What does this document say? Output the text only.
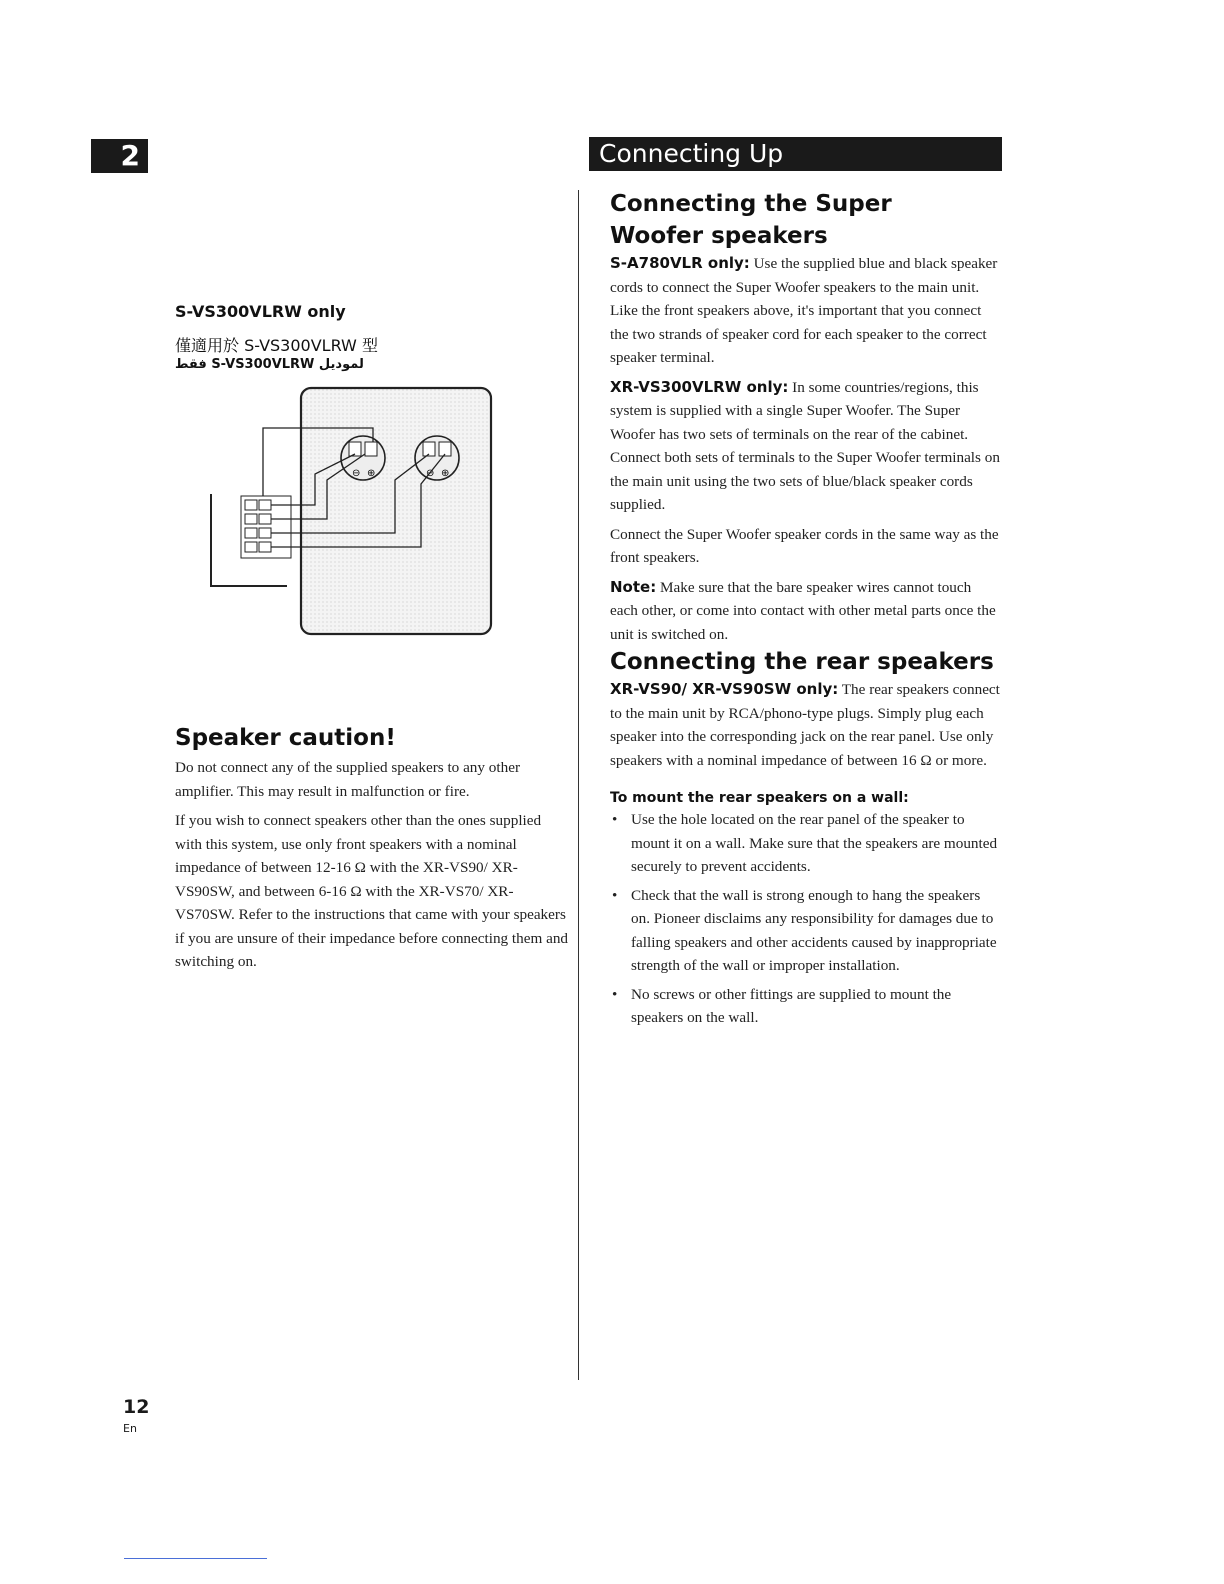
2	Connecting Up
S-VS300VLRW only
僅適用於 S-VS300VLRW 型
فقط S-VS300VLRW لموديل
⊖ ⊕	⊖ ⊕
Speaker caution!

Do not connect any of the supplied speakers to any other amplifier. This may result in malfunction or fire.

If you wish to connect speakers other than the ones supplied with this system, use only front speakers with a nominal impedance of between 12-16 Ω with the XR-VS90/ XR-VS90SW, and between 6-16 Ω with the XR-VS70/ XR-VS70SW. Refer to the instructions that came with your speakers if you are unsure of their impedance before connecting them and switching on.

Connecting the Super Woofer speakers

S-A780VLR only: Use the supplied blue and black speaker cords to connect the Super Woofer speakers to the main unit. Like the front speakers above, it's important that you connect the two strands of speaker cord for each speaker to the correct speaker terminal.

XR-VS300VLRW only: In some countries/regions, this system is supplied with a single Super Woofer. The Super Woofer has two sets of terminals on the rear of the cabinet. Connect both sets of terminals to the Super Woofer terminals on the main unit using the two sets of blue/black speaker cords supplied.

Connect the Super Woofer speaker cords in the same way as the front speakers.

Note: Make sure that the bare speaker wires cannot touch each other, or come into contact with other metal parts once the unit is switched on.

Connecting the rear speakers

XR-VS90/ XR-VS90SW only: The rear speakers connect to the main unit by RCA/phono-type plugs. Simply plug each speaker into the corresponding jack on the rear panel. Use only speakers with a nominal impedance of between 16 Ω or more.

To mount the rear speakers on a wall:
• Use the hole located on the rear panel of the speaker to mount it on a wall. Make sure that the speakers are mounted securely to prevent accidents.
• Check that the wall is strong enough to hang the speakers on. Pioneer disclaims any responsibility for damages due to falling speakers and other accidents caused by inappropriate strength of the wall or improper installation.
• No screws or other fittings are supplied to mount the speakers on the wall.
12
En
